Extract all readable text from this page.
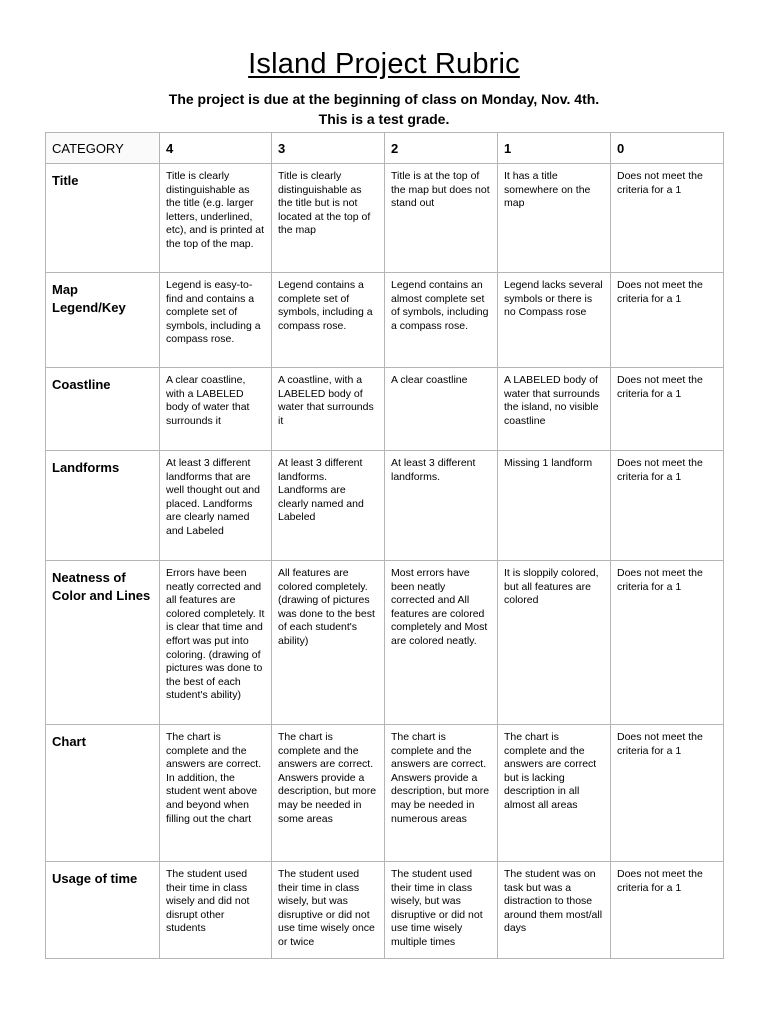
Island Project Rubric
The project is due at the beginning of class on Monday, Nov. 4th.
This is a test grade.
CATEGORY	4	3	2	1	0
Title	Title is clearly distinguishable as the title (e.g. larger letters, underlined, etc), and is printed at the top of the map.	Title is clearly distinguishable as the title but is not located at the top of the map	Title is at the top of the map but does not stand out	It has a title somewhere on the map	Does not meet the criteria for a 1
Map Legend/Key	Legend is easy-to-find and contains a complete set of symbols, including a compass rose.	Legend contains a complete set of symbols, including a compass rose.	Legend contains an almost complete set of symbols, including a compass rose.	Legend lacks several symbols or there is no Compass rose	Does not meet the criteria for a 1
Coastline	A clear coastline, with a LABELED body of water that surrounds it	A coastline, with a LABELED body of water that surrounds it	A clear coastline	A LABELED body of water that surrounds the island, no visible coastline	Does not meet the criteria for a 1
Landforms	At least 3 different landforms that are well thought out and placed. Landforms are clearly named and Labeled	At least 3 different landforms. Landforms are clearly named and Labeled	At least 3 different landforms.	Missing 1 landform	Does not meet the criteria for a 1
Neatness of Color and Lines	Errors have been neatly corrected and all features are colored completely. It is clear that time and effort was put into coloring. (drawing of pictures was done to the best of each student's ability)	All features are colored completely. (drawing of pictures was done to the best of each student's ability)	Most errors have been neatly corrected and All features are colored completely and Most are colored neatly.	It is sloppily colored, but all features are colored	Does not meet the criteria for a 1
Chart	The chart is complete and the answers are correct. In addition, the student went above and beyond when filling out the chart	The chart is complete and the answers are correct. Answers provide a description, but more may be needed in some areas	The chart is complete and the answers are correct. Answers provide a description, but more may be needed in numerous areas	The chart is complete and the answers are correct but is lacking description in all almost all areas	Does not meet the criteria for a 1
Usage of time	The student used their time in class wisely and did not disrupt other students	The student used their time in class wisely, but was disruptive or did not use time wisely once or twice	The student used their time in class wisely, but was disruptive or did not use time wisely multiple times	The student was on task but was a distraction to those around them most/all days	Does not meet the criteria for a 1
